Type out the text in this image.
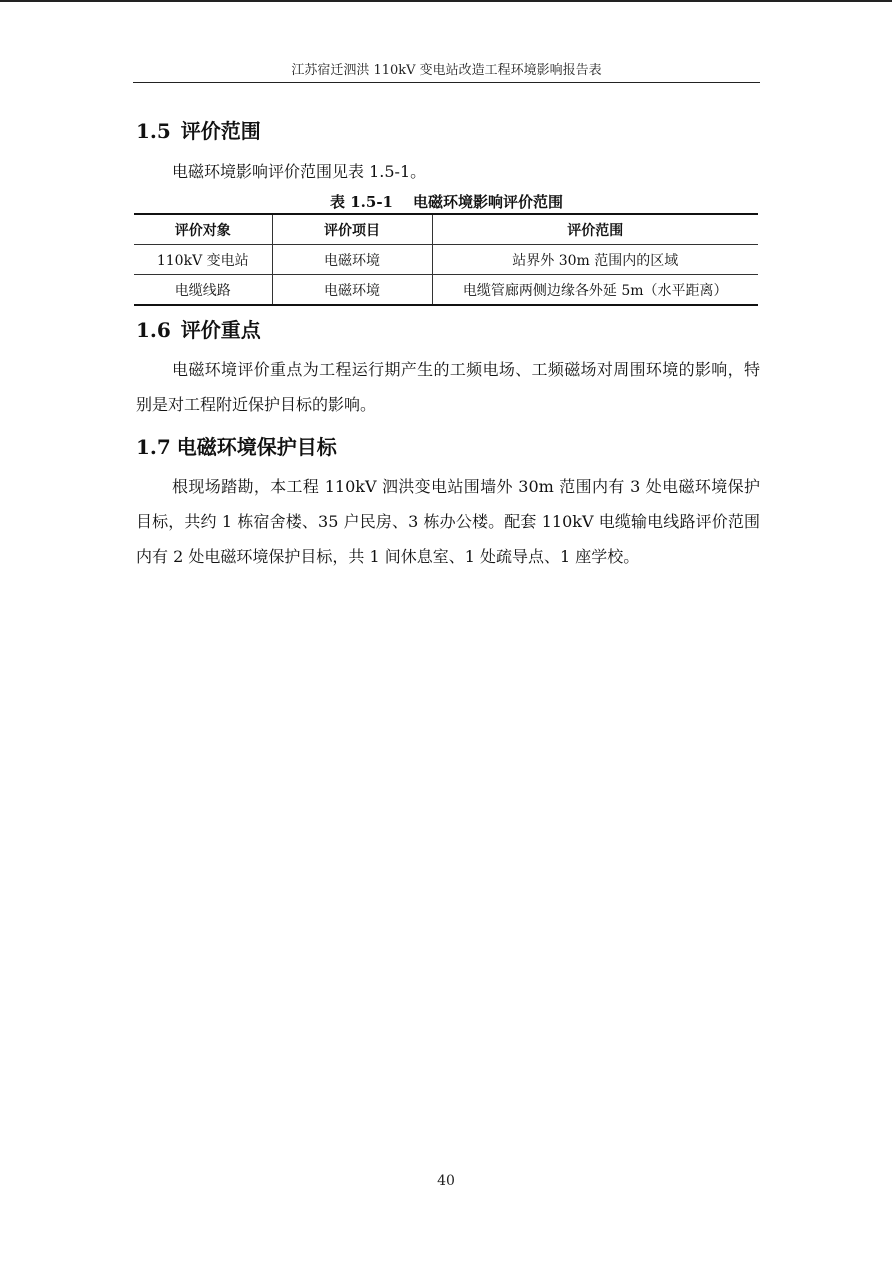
江苏宿迁泗洪 110kV 变电站改造工程环境影响报告表
1.5 评价范围

电磁环境影响评价范围见表 1.5-1。

表 1.5-1 电磁环境影响评价范围
评价对象	评价项目	评价范围
110kV 变电站	电磁环境	站界外 30m 范围内的区域
电缆线路	电磁环境	电缆管廊两侧边缘各外延 5m（水平距离）
1.6 评价重点

电磁环境评价重点为工程运行期产生的工频电场、工频磁场对周围环境的影响，特别是对工程附近保护目标的影响。

1.7 电磁环境保护目标

根现场踏勘，本工程 110kV 泗洪变电站围墙外 30m 范围内有 3 处电磁环境保护目标，共约 1 栋宿舍楼、35 户民房、3 栋办公楼。配套 110kV 电缆输电线路评价范围内有 2 处电磁环境保护目标，共 1 间休息室、1 处疏导点、1 座学校。

40
